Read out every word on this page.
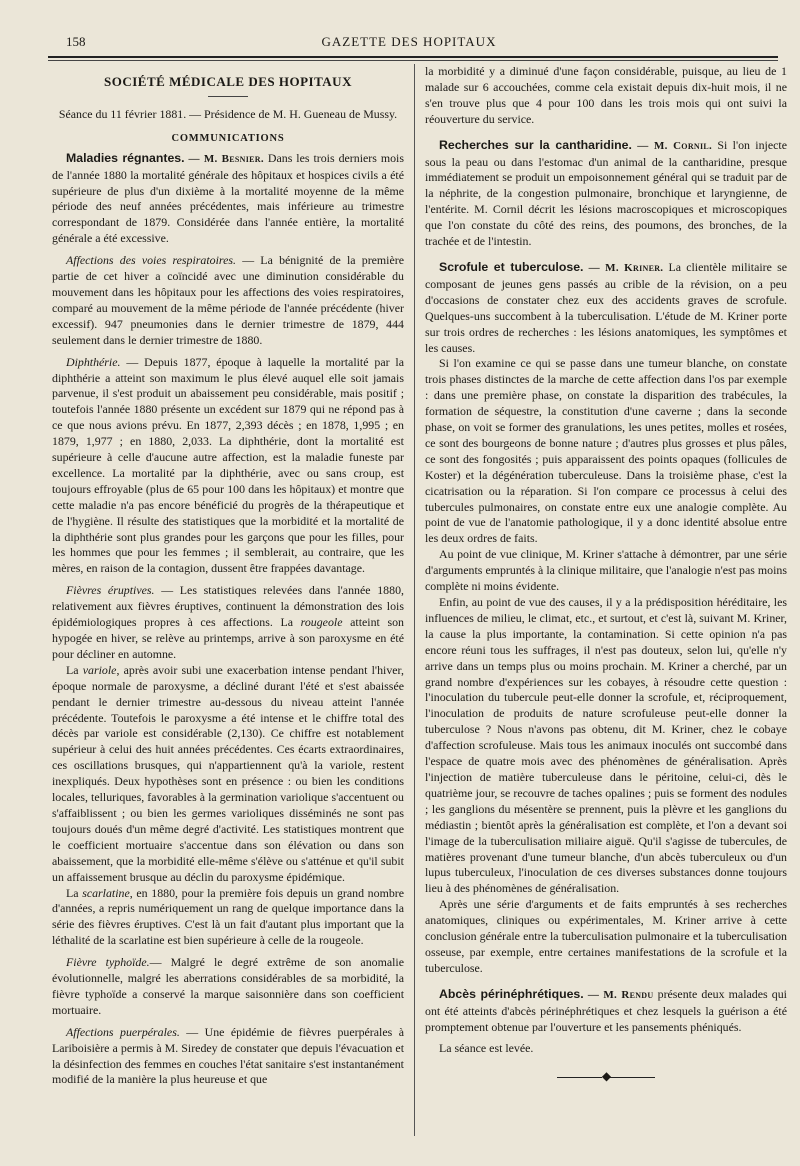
158	GAZETTE DES HOPITAUX
SOCIÉTÉ MÉDICALE DES HOPITAUX
Séance du 11 février 1881. — Présidence de M. H. Gueneau de Mussy.
COMMUNICATIONS

Maladies régnantes. — M. Besnier. Dans les trois derniers mois de l'année 1880 la mortalité générale des hôpitaux et hospices civils a été supérieure de plus d'un dixième à la mortalité moyenne de la même période des neuf années précédentes, mais inférieure au trimestre correspondant de 1879. Considérée dans l'année entière, la mortalité générale a été excessive.

Affections des voies respiratoires. — La bénignité de la première partie de cet hiver a coïncidé avec une diminution considérable du mouvement dans les hôpitaux pour les affections des voies respiratoires, comparé au mouvement de la même période de l'année précédente (hiver excessif). 947 pneumonies dans le dernier trimestre de 1879, 444 seulement dans le dernier trimestre de 1880.

Diphthérie. — Depuis 1877, époque à laquelle la mortalité par la diphthérie a atteint son maximum le plus élevé auquel elle soit jamais parvenue, il s'est produit un abaissement peu considérable, mais positif ; toutefois l'année 1880 présente un excédent sur 1879 qui ne répond pas à ce que nous avions prévu. En 1877, 2,393 décès ; en 1878, 1,995 ; en 1879, 1,977 ; en 1880, 2,033. La diphthérie, dont la mortalité est supérieure à celle d'aucune autre affection, est la maladie funeste par excellence. La mortalité par la diphthérie, avec ou sans croup, est toujours effroyable (plus de 65 pour 100 dans les hôpitaux) et montre que cette maladie n'a pas encore bénéficié du progrès de la thérapeutique et de l'hygiène. Il résulte des statistiques que la morbidité et la mortalité de la diphthérie sont plus grandes pour les garçons que pour les filles, pour les hommes que pour les femmes ; il semblerait, au contraire, que les mères, en raison de la contagion, dussent être frappées davantage.

Fièvres éruptives. — Les statistiques relevées dans l'année 1880, relativement aux fièvres éruptives, continuent la démonstration des lois épidémiologiques propres à ces affections. La rougeole atteint son hypogée en hiver, se relève au printemps, arrive à son paroxysme en été pour décliner en automne.

La variole, après avoir subi une exacerbation intense pendant l'hiver, époque normale de paroxysme, a décliné durant l'été et s'est abaissée pendant le dernier trimestre au-dessous du niveau atteint l'année précédente. Toutefois le paroxysme a été intense et le chiffre total des décès par variole est considérable (2,130). Ce chiffre est notablement supérieur à celui des huit années précédentes. Ces écarts extraordinaires, ces oscillations brusques, qui n'appartiennent qu'à la variole, restent inexpliqués. Deux hypothèses sont en présence : ou bien les conditions locales, telluriques, favorables à la germination variolique s'accentuent ou s'affaiblissent ; ou bien les germes varioliques disséminés ne sont pas toujours doués d'un même degré d'activité. Les statistiques montrent que le coefficient mortuaire s'accentue dans son élévation ou dans son abaissement, que la morbidité elle-même s'élève ou s'atténue et qu'il subit un affaissement brusque au déclin du paroxysme épidémique.

La scarlatine, en 1880, pour la première fois depuis un grand nombre d'années, a repris numériquement un rang de quelque importance dans la série des fièvres éruptives. C'est là un fait d'autant plus important que la léthalité de la scarlatine est bien supérieure à celle de la rougeole.

Fièvre typhoïde.— Malgré le degré extrême de son anomalie évolutionnelle, malgré les aberrations considérables de sa morbidité, la fièvre typhoïde a conservé la marque saisonnière dans son coefficient mortuaire.

Affections puerpérales. — Une épidémie de fièvres puerpérales à Lariboisière a permis à M. Siredey de constater que depuis l'évacuation et la désinfection des femmes en couches l'état sanitaire s'est instantanément modifié de la manière la plus heureuse et que

la morbidité y a diminué d'une façon considérable, puisque, au lieu de 1 malade sur 6 accouchées, comme cela existait depuis dix-huit mois, il ne s'en trouve plus que 4 pour 100 dans les trois mois qui ont suivi la réouverture du service.

Recherches sur la cantharidine. — M. Cornil. Si l'on injecte sous la peau ou dans l'estomac d'un animal de la cantharidine, presque immédiatement se produit un empoisonnement général qui se traduit par de la néphrite, de la congestion pulmonaire, bronchique et laryngienne, de l'entérite. M. Cornil décrit les lésions macroscopiques et microscopiques que l'on constate du côté des reins, des poumons, des bronches, de la trachée et de l'intestin.

Scrofule et tuberculose. — M. Kriner. La clientèle militaire se composant de jeunes gens passés au crible de la révision, on a peu d'occasions de constater chez eux des accidents graves de scrofule. Quelques-uns succombent à la tuberculisation. L'étude de M. Kriner porte sur trois ordres de recherches : les lésions anatomiques, les symptômes et les causes.

Si l'on examine ce qui se passe dans une tumeur blanche, on constate trois phases distinctes de la marche de cette affection dans l'os par exemple : dans une première phase, on constate la disparition des trabécules, la formation de séquestre, la constitution d'une caverne ; dans la seconde phase, on voit se former des granulations, les unes petites, molles et rosées, ce sont des bourgeons de bonne nature ; d'autres plus grosses et plus pâles, ce sont des fongosités ; puis apparaissent des points opaques (follicules de Koster) et la dégénération tuberculeuse. Dans la troisième phase, c'est la cicatrisation ou la réparation. Si l'on compare ce processus à celui des tubercules pulmonaires, on constate entre eux une analogie complète. Au point de vue de l'anatomie pathologique, il y a donc identité absolue entre les deux ordres de faits.

Au point de vue clinique, M. Kriner s'attache à démontrer, par une série d'arguments empruntés à la clinique militaire, que l'analogie n'est pas moins complète ni moins évidente.

Enfin, au point de vue des causes, il y a la prédisposition héréditaire, les influences de milieu, le climat, etc., et surtout, et c'est là, suivant M. Kriner, la cause la plus importante, la contamination. Si cette opinion n'a pas encore réuni tous les suffrages, il n'est pas douteux, selon lui, qu'elle n'y arrive dans un temps plus ou moins prochain. M. Kriner a cherché, par un grand nombre d'expériences sur les cobayes, à résoudre cette question : l'inoculation du tubercule peut-elle donner la scrofule, et, réciproquement, l'inoculation de produits de nature scrofuleuse peut-elle donner la tuberculose ? Nous n'avons pas obtenu, dit M. Kriner, chez le cobaye d'affection scrofuleuse. Mais tous les animaux inoculés ont succombé dans l'espace de quatre mois avec des phénomènes de généralisation. Après l'injection de matière tuberculeuse dans le péritoine, celui-ci, dès le quatrième jour, se recouvre de taches opalines ; puis se forment des nodules ; les ganglions du mésentère se prennent, puis la plèvre et les ganglions du médiastin ; bientôt après la généralisation est complète, et l'on a devant soi l'image de la tuberculisation miliaire aiguë. Qu'il s'agisse de tubercules, de matières provenant d'une tumeur blanche, d'un abcès tuberculeux ou d'un lupus tuberculeux, l'inoculation de ces diverses substances donne toujours lieu à des phénomènes de généralisation.

Après une série d'arguments et de faits empruntés à ses recherches anatomiques, cliniques ou expérimentales, M. Kriner arrive à cette conclusion générale entre la tuberculisation pulmonaire et la tuberculisation osseuse, par exemple, entre certaines manifestations de la scrofule et la tuberculose.

Abcès périnéphrétiques. — M. Rendu présente deux malades qui ont été atteints d'abcès périnéphrétiques et chez lesquels la guérison a été promptement obtenue par l'ouverture et les pansements phéniqués.

La séance est levée.

◆
